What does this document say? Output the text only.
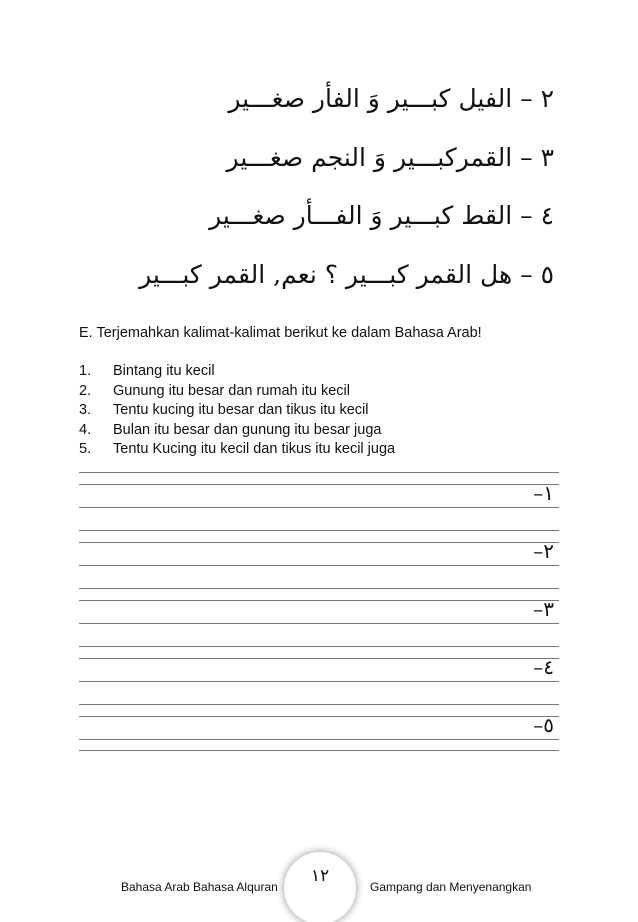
٢ – الفيل كبـــير وَ الفأر صغـــير
٣ – القمركبـــير وَ النجم صغـــير
٤ – القط كبـــير وَ الفـــأر صغـــير
٥ – هل القمر كبـــير ؟ نعم, القمر كبـــير
E. Terjemahkan kalimat-kalimat berikut ke dalam Bahasa Arab!
1.	Bintang itu kecil
2.	Gunung itu besar dan rumah itu kecil
3.	Tentu kucing itu besar dan tikus itu kecil
4.	Bulan itu besar dan gunung itu besar juga
5.	Tentu Kucing itu kecil dan tikus itu kecil juga
١–
٢–
٣–
٤–
٥–
Bahasa Arab Bahasa Alquran
١٢
Gampang dan Menyenangkan
